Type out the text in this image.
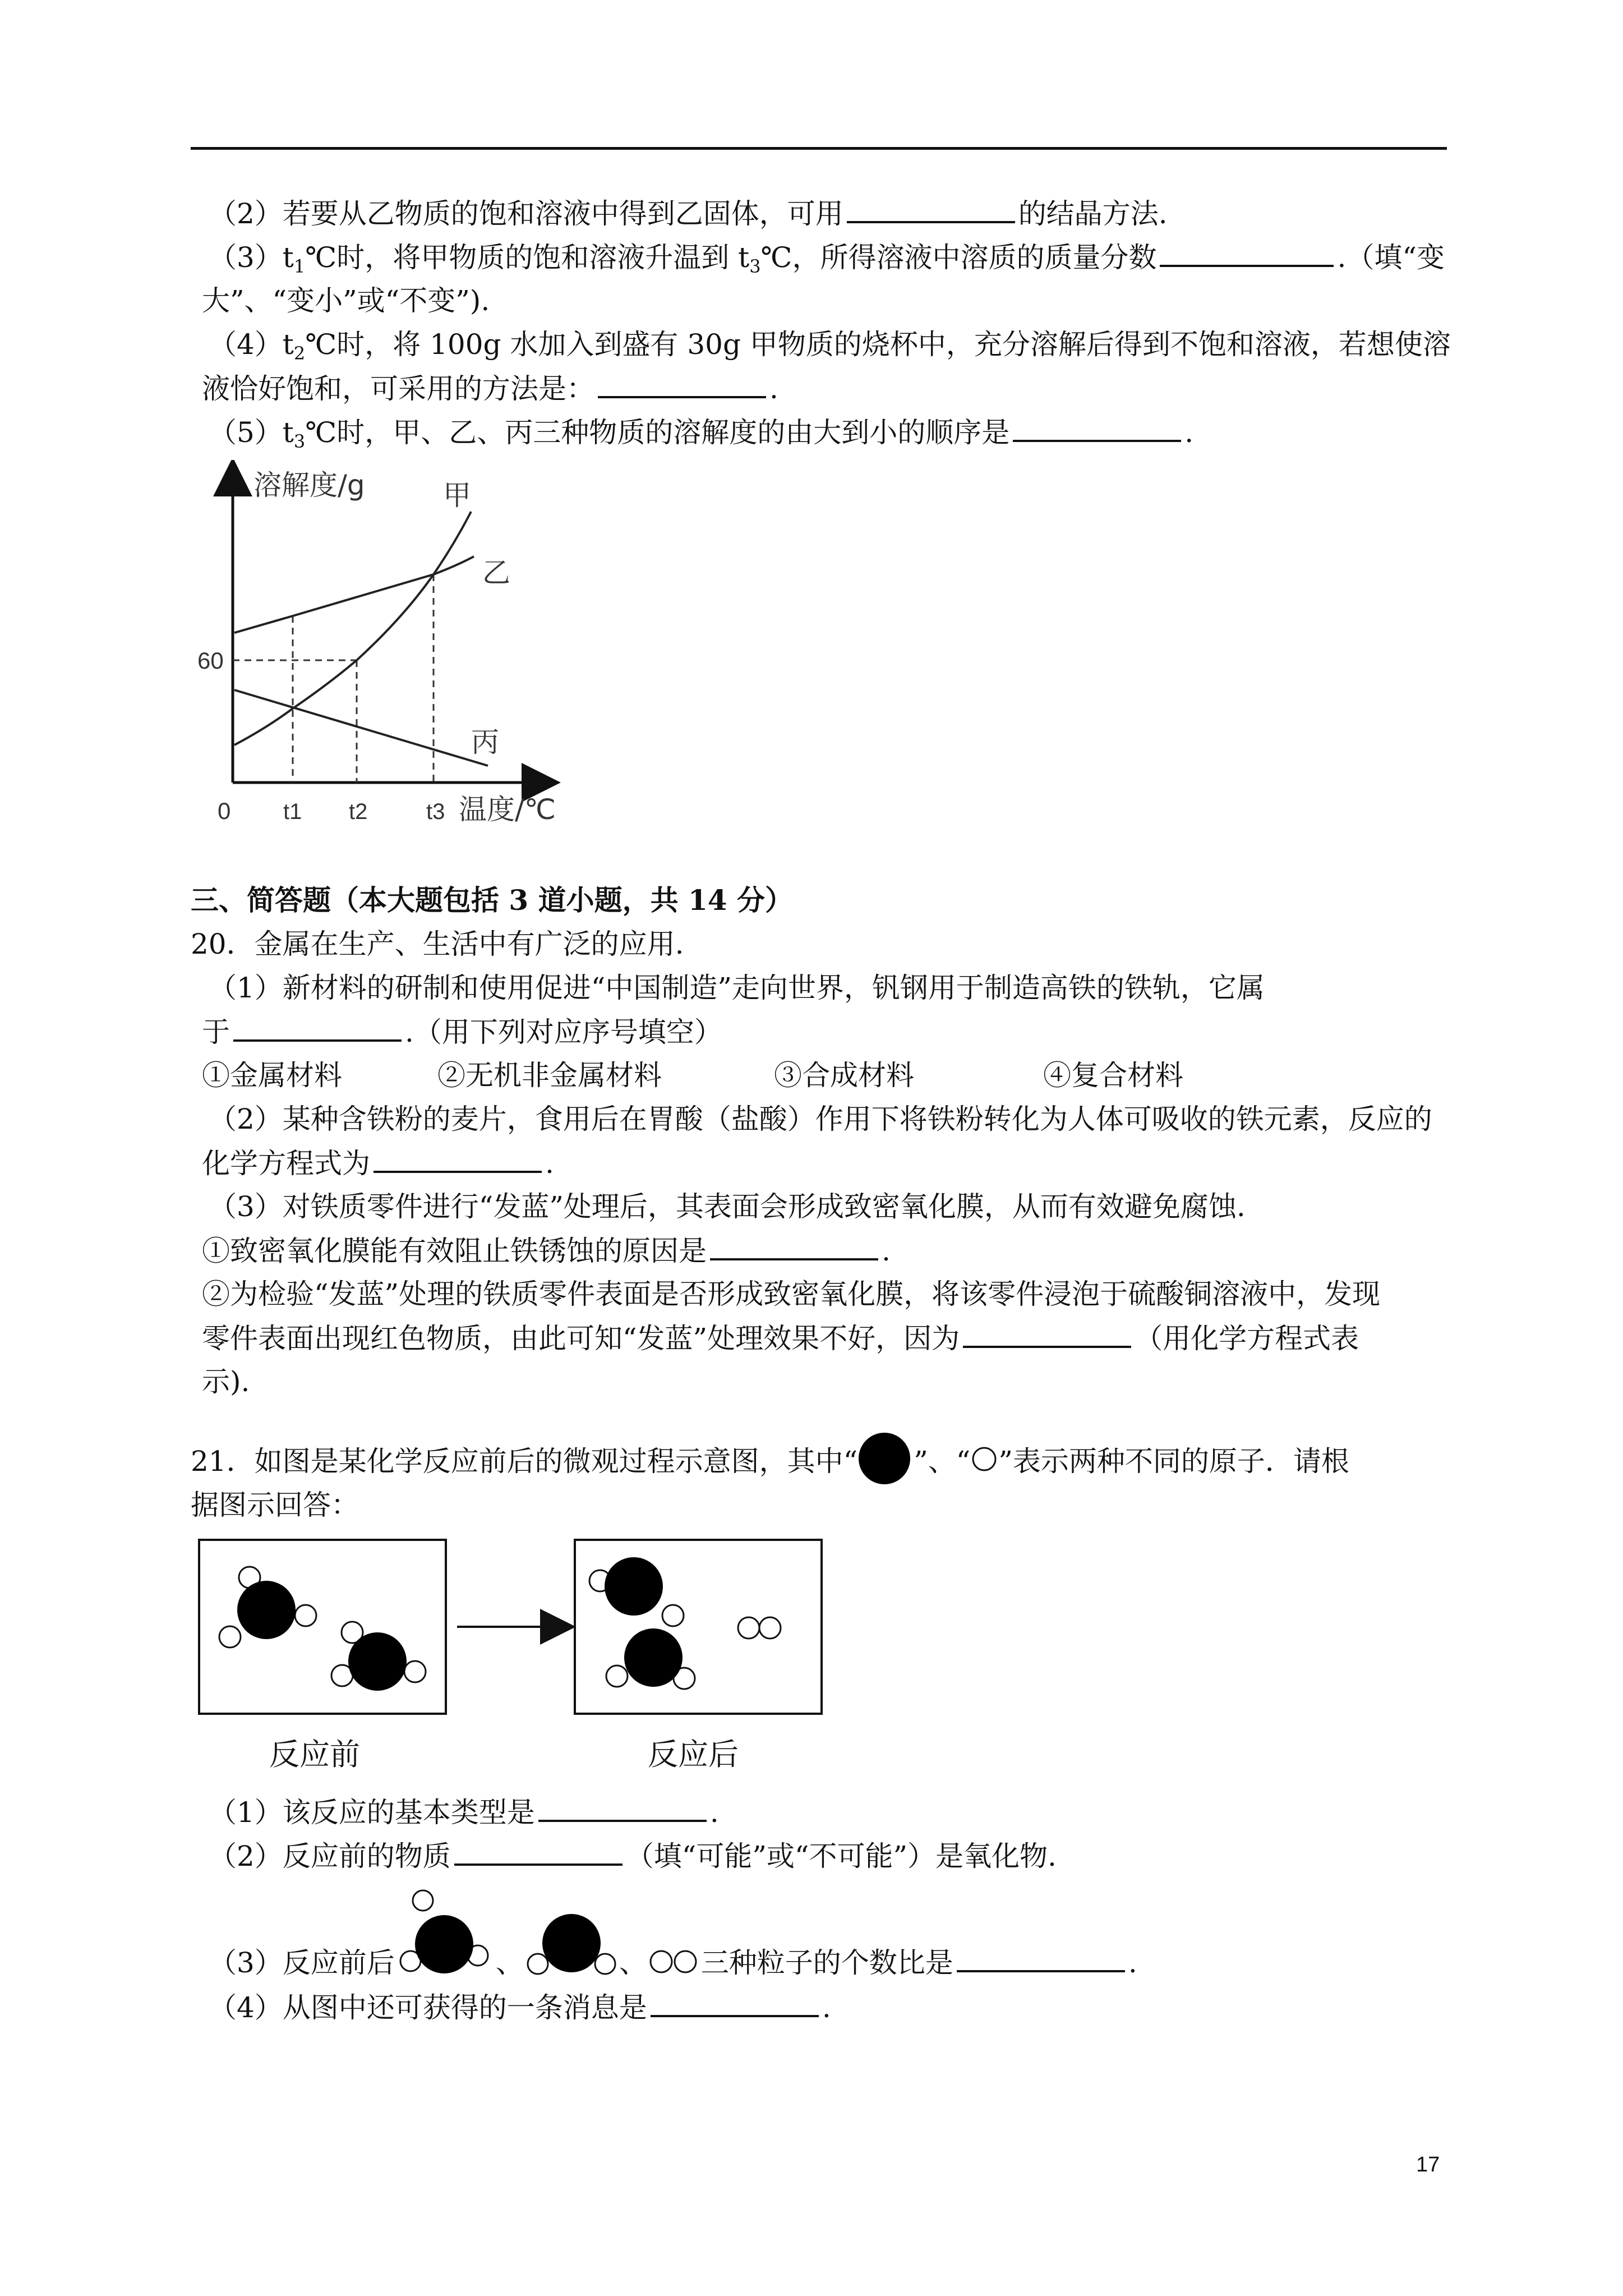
（2）若要从乙物质的饱和溶液中得到乙固体，可用	的结晶方法.
$(3)t_1℃$时，将甲物质的饱和溶液升温到 $t_3℃$，所得溶液中溶质的质量分数	.（填“变
大”、“变小”或“不变”).
$(4)t_2℃$时，将 100g 水加入到盛有 30g 甲物质的烧杯中，充分溶解后得到不饱和溶液，若想使溶
液恰好饱和，可采用的方法是：	.
$(5)t_3℃$时，甲、乙、丙三种物质的溶解度的由大到小的顺序是	.
溶解度/g
温度/℃
0
60
t1 t2	t3
甲
乙
丙
三、简答题（本大题包括 3 道小题，共 14 分）
20．金属在生产、生活中有广泛的应用.
（1）新材料的研制和使用促进“中国制造”走向世界，钒钢用于制造高铁的铁轨，它属
于	.（用下列对应序号填空）
①金属材料	②无机非金属材料	③合成材料	④复合材料
（2）某种含铁粉的麦片，食用后在胃酸（盐酸）作用下将铁粉转化为人体可吸收的铁元素，反应的
化学方程式为	.
（3）对铁质零件进行“发蓝”处理后，其表面会形成致密氧化膜，从而有效避免腐蚀.
①致密氧化膜能有效阻止铁锈蚀的原因是	.
②为检验“发蓝”处理的铁质零件表面是否形成致密氧化膜，将该零件浸泡于硫酸铜溶液中，发现
零件表面出现红色物质，由此可知“发蓝”处理效果不好，因为	（用化学方程式表
示).
21．如图是某化学反应前后的微观过程示意图，其中“ ”、“ ”表示两种不同的原子．请根
据图示回答：
反应前	反应后
（1）该反应的基本类型是	.
（2）反应前的物质	（填“可能”或“不可能”）是氧化物.
（3）反应前后	、	、 三种粒子的个数比是	.
（4）从图中还可获得的一条消息是	.
17
